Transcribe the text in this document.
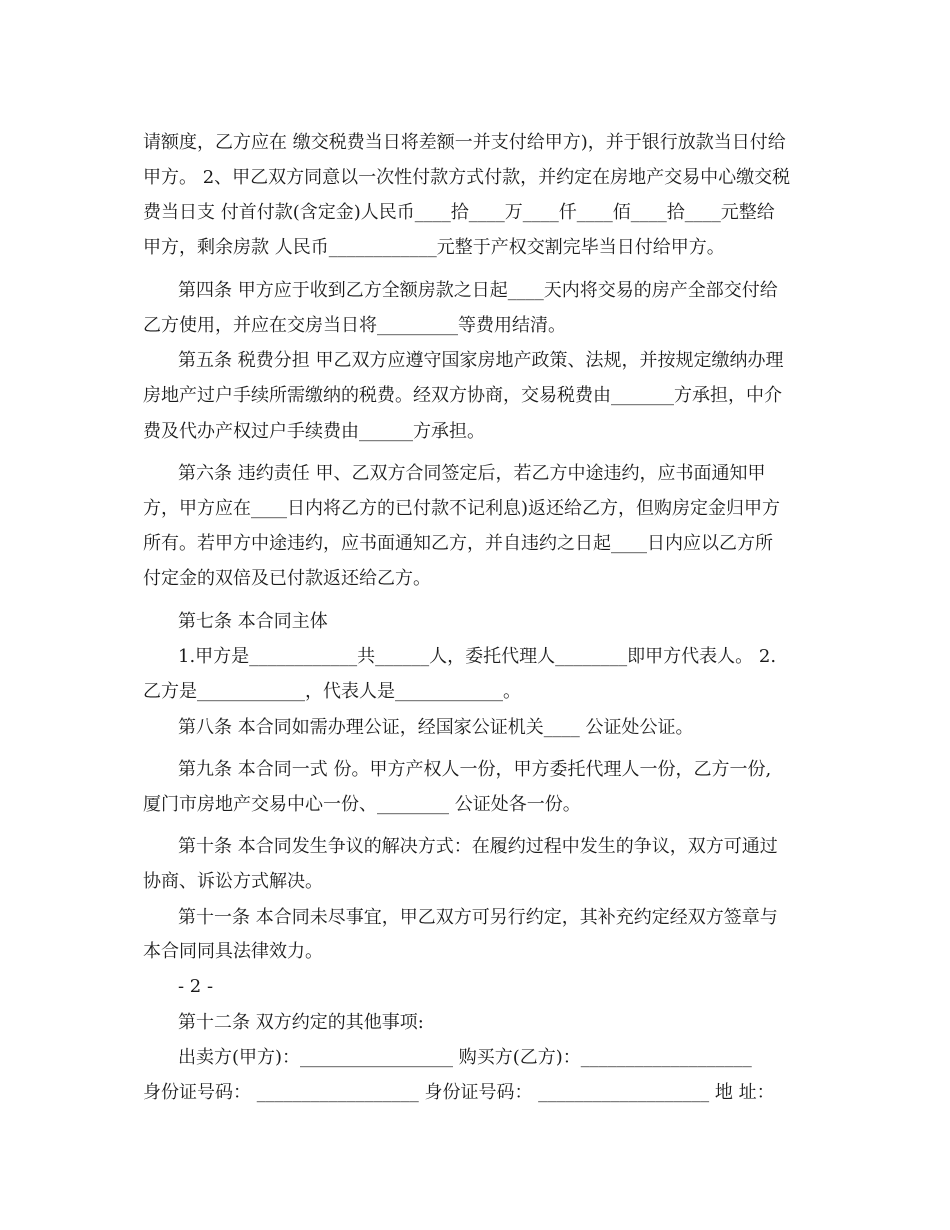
请额度，乙方应在 缴交税费当日将差额一并支付给甲方)，并于银行放款当日付给
甲方。 2、甲乙双方同意以一次性付款方式付款，并约定在房地产交易中心缴交税
费当日支 付首付款(含定金)人民币____拾____万____仟____佰____拾____元整给
甲方，剩余房款 人民币____________元整于产权交割完毕当日付给甲方。
第四条 甲方应于收到乙方全额房款之日起____天内将交易的房产全部交付给
乙方使用，并应在交房当日将_________等费用结清。
第五条 税费分担 甲乙双方应遵守国家房地产政策、法规，并按规定缴纳办理
房地产过户手续所需缴纳的税费。经双方协商，交易税费由_______方承担，中介
费及代办产权过户手续费由______方承担。
第六条 违约责任 甲、乙双方合同签定后，若乙方中途违约，应书面通知甲
方，甲方应在____日内将乙方的已付款不记利息)返还给乙方，但购房定金归甲方
所有。若甲方中途违约，应书面通知乙方，并自违约之日起____日内应以乙方所
付定金的双倍及已付款返还给乙方。
第七条 本合同主体
1.甲方是____________共______人，委托代理人________即甲方代表人。 2.
乙方是____________，代表人是____________。
第八条 本合同如需办理公证，经国家公证机关____ 公证处公证。
第九条 本合同一式 份。甲方产权人一份，甲方委托代理人一份，乙方一份,
厦门市房地产交易中心一份、________ 公证处各一份。
第十条 本合同发生争议的解决方式：在履约过程中发生的争议，双方可通过
协商、诉讼方式解决。
第十一条 本合同未尽事宜，甲乙双方可另行约定，其补充约定经双方签章与
本合同同具法律效力。
- 2 -
第十二条 双方约定的其他事项:
出卖方(甲方)：_________________ 购买方(乙方)：___________________
身份证号码： __________________ 身份证号码： ___________________ 地 址：
